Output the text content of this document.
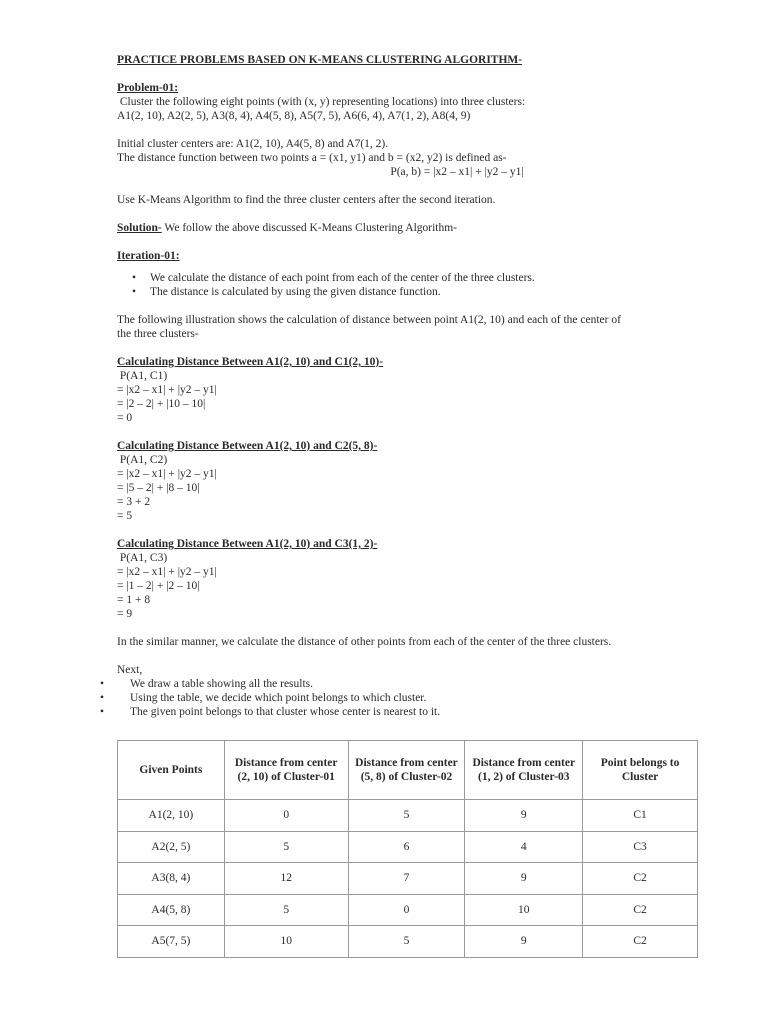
PRACTICE PROBLEMS BASED ON K-MEANS CLUSTERING ALGORITHM-

Problem-01:

Cluster the following eight points (with (x, y) representing locations) into three clusters:

A1(2, 10), A2(2, 5), A3(8, 4), A4(5, 8), A5(7, 5), A6(6, 4), A7(1, 2), A8(4, 9)

Initial cluster centers are: A1(2, 10), A4(5, 8) and A7(1, 2).

The distance function between two points a = (x1, y1) and b = (x2, y2) is defined as-

P(a, b) = |x2 – x1| + |y2 – y1|

Use K-Means Algorithm to find the three cluster centers after the second iteration.

Solution- We follow the above discussed K-Means Clustering Algorithm-

Iteration-01:

• We calculate the distance of each point from each of the center of the three clusters.
• The distance is calculated by using the given distance function.

The following illustration shows the calculation of distance between point A1(2, 10) and each of the center of

the three clusters-

Calculating Distance Between A1(2, 10) and C1(2, 10)-

P(A1, C1)

= |x2 – x1| + |y2 – y1|

= |2 – 2| + |10 – 10|

= 0

Calculating Distance Between A1(2, 10) and C2(5, 8)-

P(A1, C2)

= |x2 – x1| + |y2 – y1|

= |5 – 2| + |8 – 10|

= 3 + 2

= 5

Calculating Distance Between A1(2, 10) and C3(1, 2)-

P(A1, C3)

= |x2 – x1| + |y2 – y1|

= |1 – 2| + |2 – 10|

= 1 + 8

= 9

In the similar manner, we calculate the distance of other points from each of the center of the three clusters.

Next,

• We draw a table showing all the results.
• Using the table, we decide which point belongs to which cluster.
• The given point belongs to that cluster whose center is nearest to it.
Given Points	Distance from center (2, 10) of Cluster-01	Distance from center (5, 8) of Cluster-02	Distance from center (1, 2) of Cluster-03	Point belongs to Cluster
A1(2, 10)	0	5	9	C1
A2(2, 5)	5	6	4	C3
A3(8, 4)	12	7	9	C2
A4(5, 8)	5	0	10	C2
A5(7, 5)	10	5	9	C2
